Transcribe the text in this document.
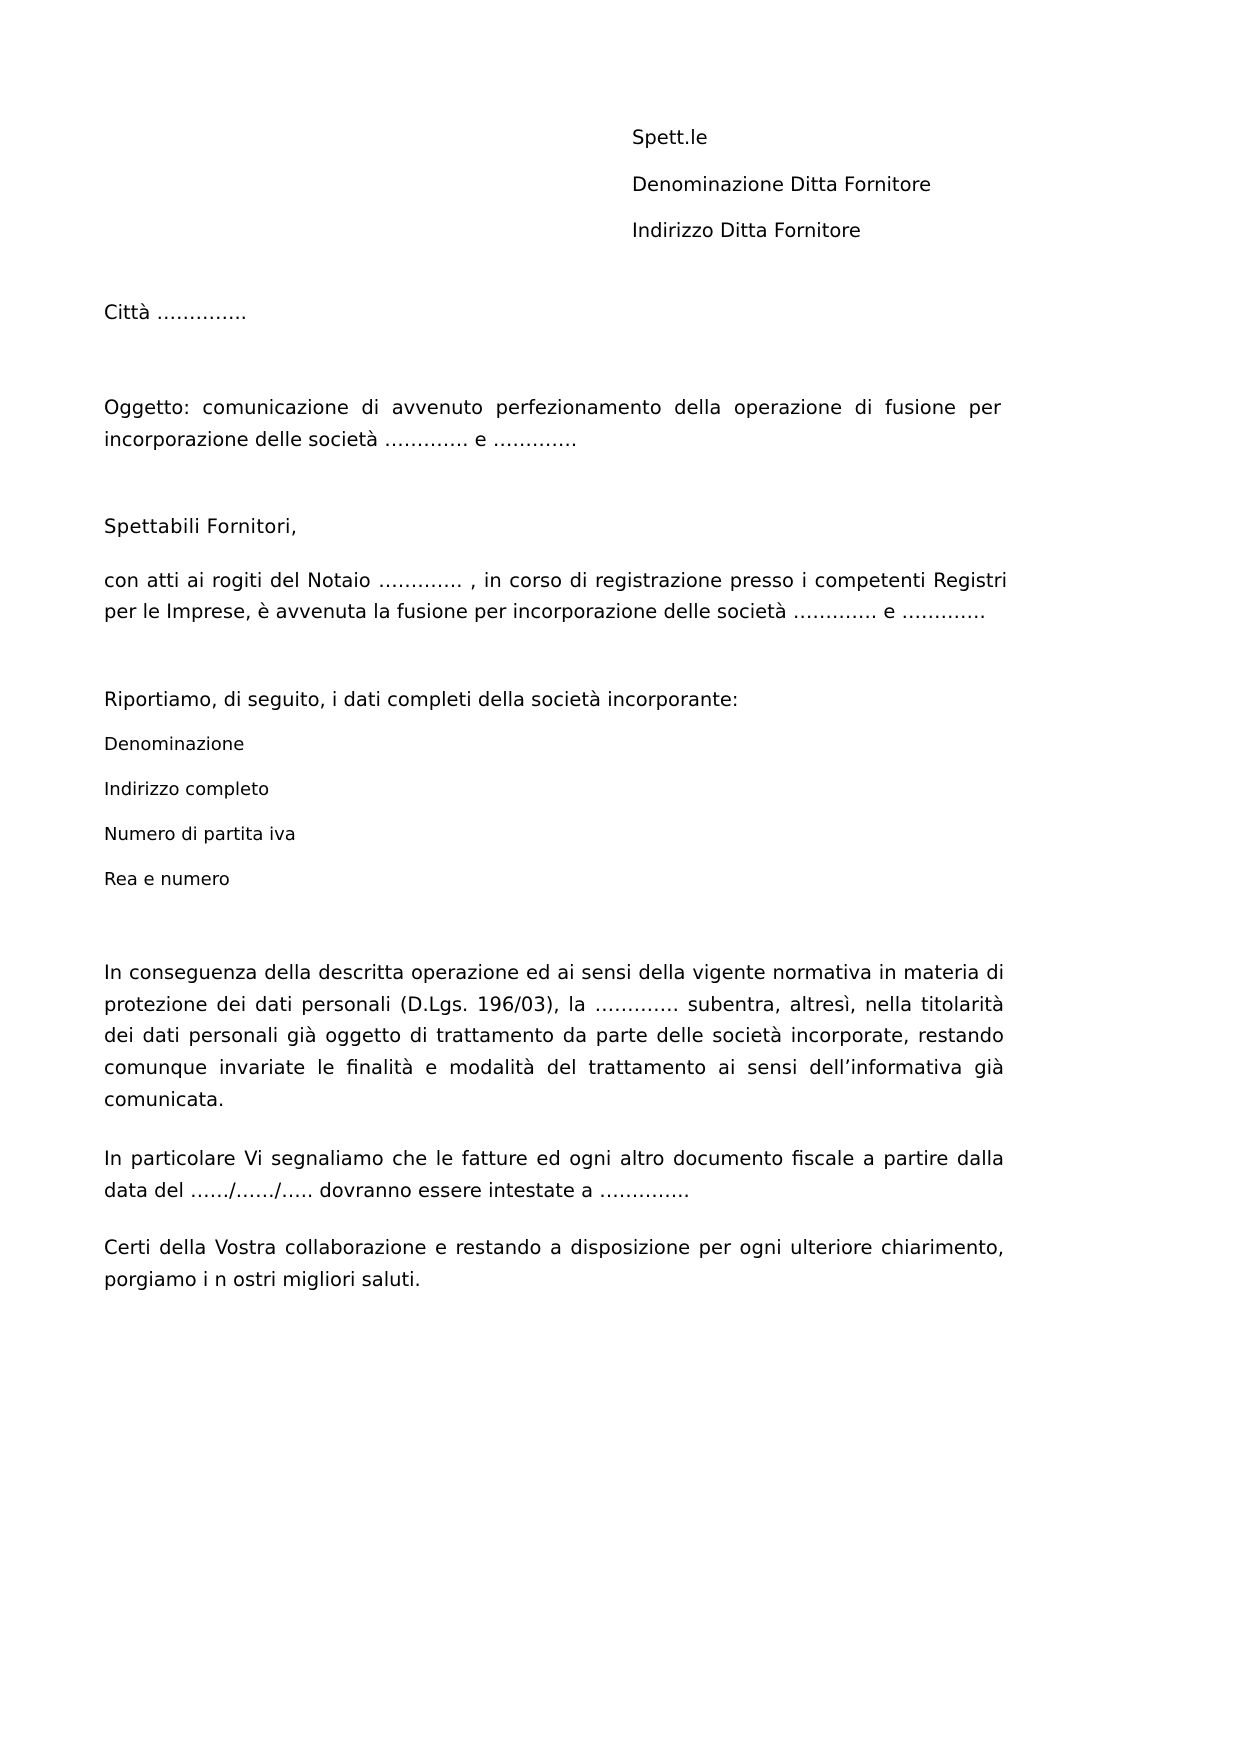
Spett.le
Denominazione Ditta Fornitore
Indirizzo Ditta Fornitore
Città …………..
Oggetto: comunicazione di avvenuto perfezionamento della operazione di fusione per incorporazione delle società …………. e ………….
Spettabili Fornitori,
con atti ai rogiti del Notaio …………. , in corso di registrazione presso i competenti Registri per le Imprese, è avvenuta la fusione per incorporazione delle società …………. e ………….
Riportiamo, di seguito, i dati completi della società incorporante:
Denominazione
Indirizzo completo
Numero di partita iva
Rea e numero
In conseguenza della descritta operazione ed ai sensi della vigente normativa in materia di protezione dei dati personali (D.Lgs. 196/03), la …………. subentra, altresì, nella titolarità dei dati personali già oggetto di trattamento da parte delle società incorporate, restando comunque invariate le finalità e modalità del trattamento ai sensi dell’informativa già comunicata.
In particolare Vi segnaliamo che le fatture ed ogni altro documento fiscale a partire dalla data del ……/……/….. dovranno essere intestate a …………..
Certi della Vostra collaborazione e restando a disposizione per ogni ulteriore chiarimento, porgiamo i n ostri migliori saluti.
